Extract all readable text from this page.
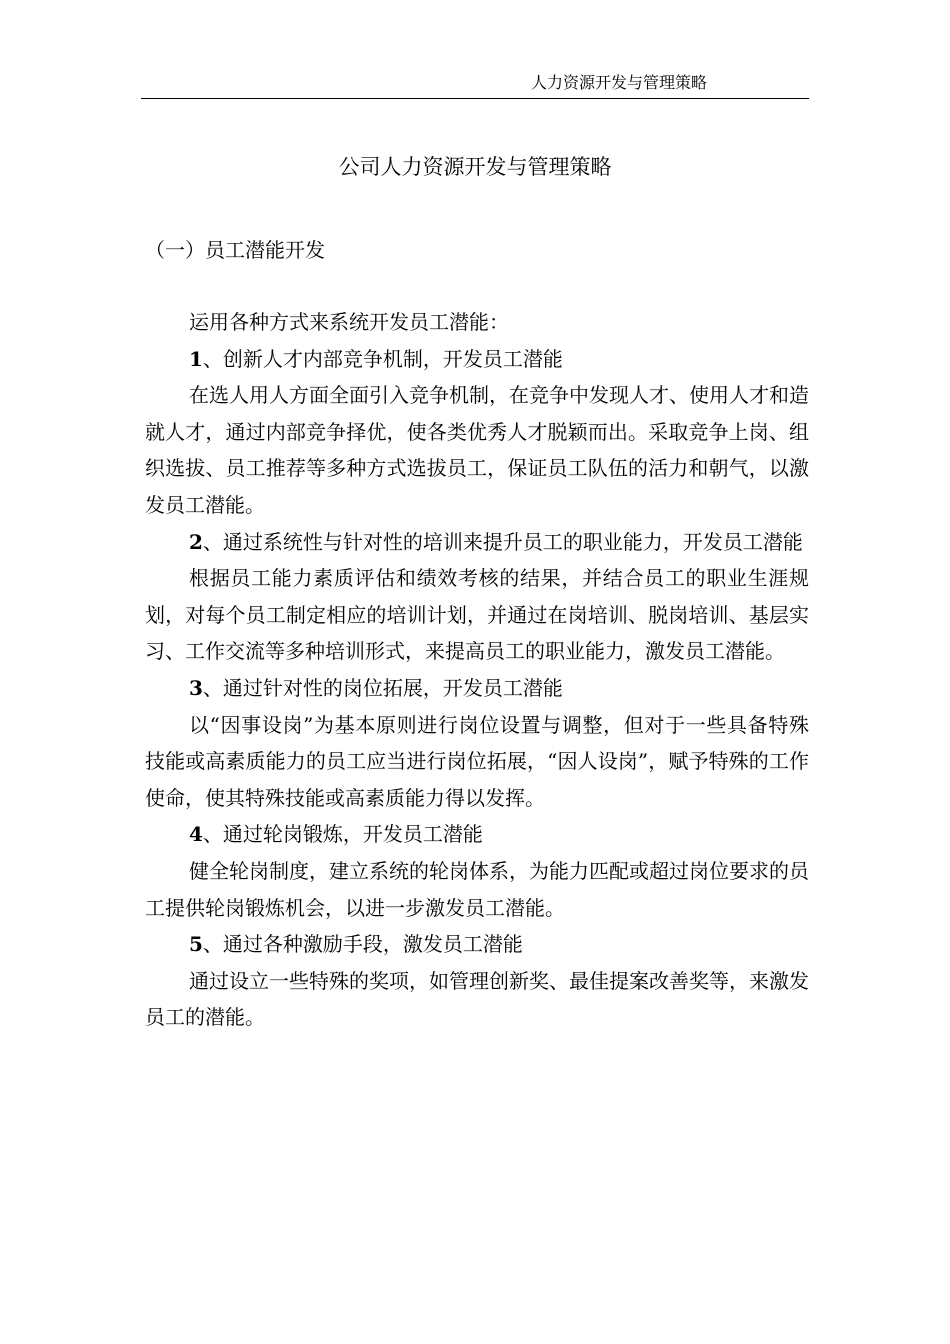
人力资源开发与管理策略
公司人力资源开发与管理策略
（一）员工潜能开发

运用各种方式来系统开发员工潜能：

1、创新人才内部竞争机制，开发员工潜能

在选人用人方面全面引入竞争机制，在竞争中发现人才、使用人才和造就人才，通过内部竞争择优，使各类优秀人才脱颖而出。采取竞争上岗、组织选拔、员工推荐等多种方式选拔员工，保证员工队伍的活力和朝气，以激发员工潜能。

2、通过系统性与针对性的培训来提升员工的职业能力，开发员工潜能

根据员工能力素质评估和绩效考核的结果，并结合员工的职业生涯规划，对每个员工制定相应的培训计划，并通过在岗培训、脱岗培训、基层实习、工作交流等多种培训形式，来提高员工的职业能力，激发员工潜能。

3、通过针对性的岗位拓展，开发员工潜能

以“因事设岗”为基本原则进行岗位设置与调整，但对于一些具备特殊技能或高素质能力的员工应当进行岗位拓展，“因人设岗”，赋予特殊的工作使命，使其特殊技能或高素质能力得以发挥。

4、通过轮岗锻炼，开发员工潜能

健全轮岗制度，建立系统的轮岗体系，为能力匹配或超过岗位要求的员工提供轮岗锻炼机会，以进一步激发员工潜能。

5、通过各种激励手段，激发员工潜能

通过设立一些特殊的奖项，如管理创新奖、最佳提案改善奖等，来激发员工的潜能。
